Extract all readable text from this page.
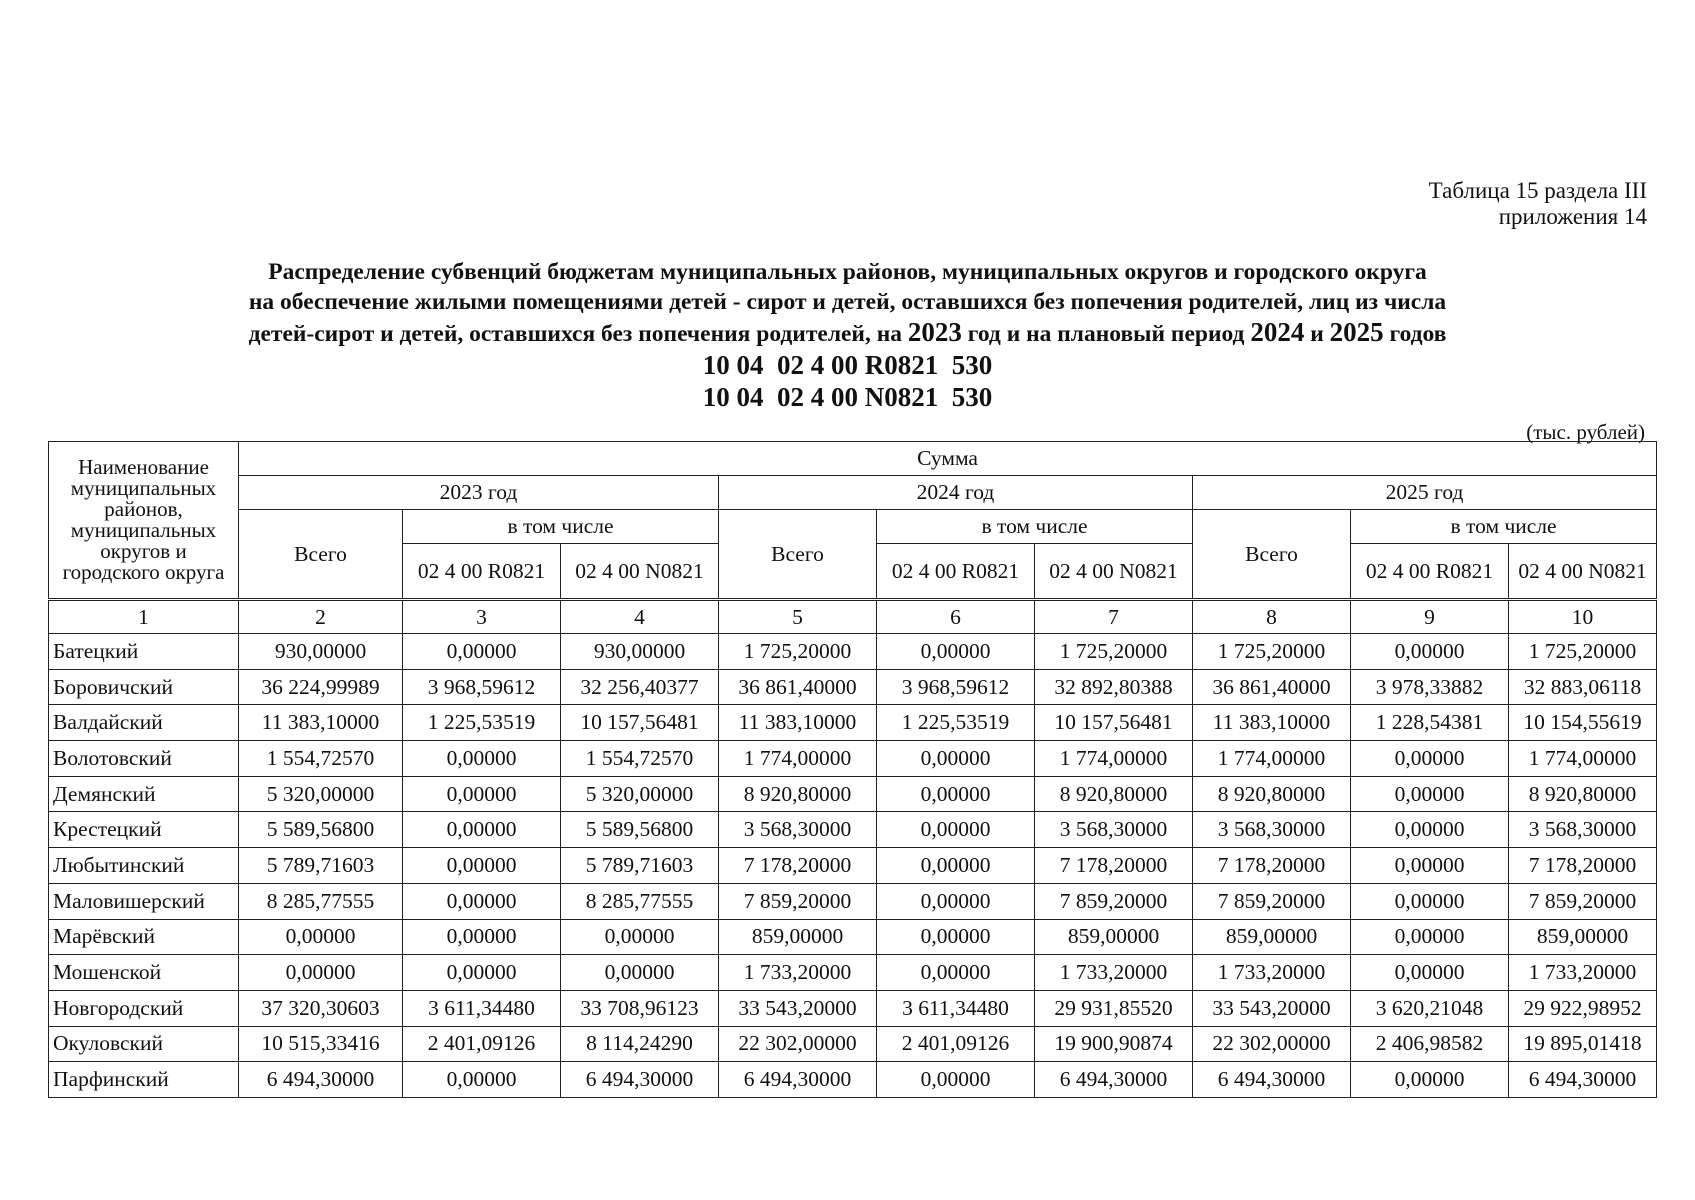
Таблица 15 раздела III
приложения 14
Распределение субвенций бюджетам муниципальных районов, муниципальных округов и городского округа
на обеспечение жилыми помещениями детей - сирот и детей, оставшихся без попечения родителей, лиц из числа
детей-сирот и детей, оставшихся без попечения родителей, на 2023 год и на плановый период 2024 и 2025 годов
10 04  02 4 00 R0821  530
10 04  02 4 00 N0821  530
(тыс. рублей)
Наименование муниципальных районов, муниципальных округов и городского округа	Сумма								
	2023 год			2024 год			2025 год		
	Всего	в том числе		Всего	в том числе		Всего	в том числе	
		02 4 00 R0821	02 4 00 N0821		02 4 00 R0821	02 4 00 N0821		02 4 00 R0821	02 4 00 N0821
1	2	3	4	5	6	7	8	9	10
Батецкий	930,00000	0,00000	930,00000	1 725,20000	0,00000	1 725,20000	1 725,20000	0,00000	1 725,20000
Боровичский	36 224,99989	3 968,59612	32 256,40377	36 861,40000	3 968,59612	32 892,80388	36 861,40000	3 978,33882	32 883,06118
Валдайский	11 383,10000	1 225,53519	10 157,56481	11 383,10000	1 225,53519	10 157,56481	11 383,10000	1 228,54381	10 154,55619
Волотовский	1 554,72570	0,00000	1 554,72570	1 774,00000	0,00000	1 774,00000	1 774,00000	0,00000	1 774,00000
Демянский	5 320,00000	0,00000	5 320,00000	8 920,80000	0,00000	8 920,80000	8 920,80000	0,00000	8 920,80000
Крестецкий	5 589,56800	0,00000	5 589,56800	3 568,30000	0,00000	3 568,30000	3 568,30000	0,00000	3 568,30000
Любытинский	5 789,71603	0,00000	5 789,71603	7 178,20000	0,00000	7 178,20000	7 178,20000	0,00000	7 178,20000
Маловишерский	8 285,77555	0,00000	8 285,77555	7 859,20000	0,00000	7 859,20000	7 859,20000	0,00000	7 859,20000
Марёвский	0,00000	0,00000	0,00000	859,00000	0,00000	859,00000	859,00000	0,00000	859,00000
Мошенской	0,00000	0,00000	0,00000	1 733,20000	0,00000	1 733,20000	1 733,20000	0,00000	1 733,20000
Новгородский	37 320,30603	3 611,34480	33 708,96123	33 543,20000	3 611,34480	29 931,85520	33 543,20000	3 620,21048	29 922,98952
Окуловский	10 515,33416	2 401,09126	8 114,24290	22 302,00000	2 401,09126	19 900,90874	22 302,00000	2 406,98582	19 895,01418
Парфинский	6 494,30000	0,00000	6 494,30000	6 494,30000	0,00000	6 494,30000	6 494,30000	0,00000	6 494,30000
